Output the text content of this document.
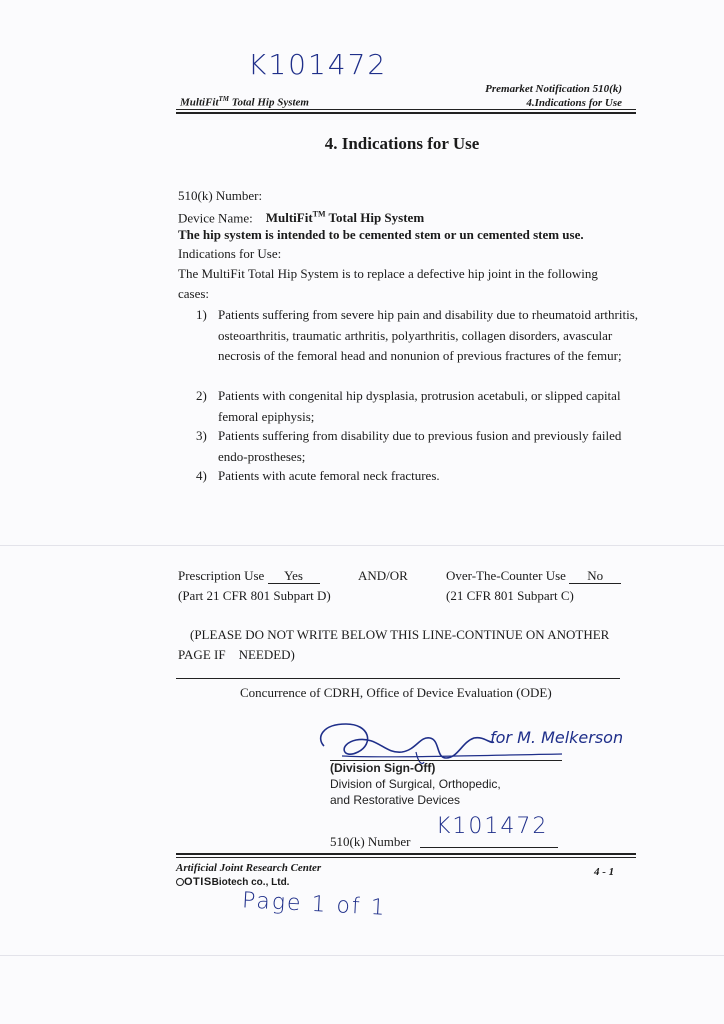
K101472
MultiFit™ Total Hip System
Premarket Notification 510(k)
4.Indications for Use
4. Indications for Use
510(k) Number:
Device Name: MultiFit™ Total Hip System
The hip system is intended to be cemented stem or un cemented stem use.
Indications for Use:
The MultiFit Total Hip System is to replace a defective hip joint in the following
cases:
1) Patients suffering from severe hip pain and disability due to rheumatoid arthritis, osteoarthritis, traumatic arthritis, polyarthritis, collagen disorders, avascular necrosis of the femoral head and nonunion of previous fractures of the femur;
2) Patients with congenital hip dysplasia, protrusion acetabuli, or slipped capital femoral epiphysis;
3) Patients suffering from disability due to previous fusion and previously failed endo-prostheses;
4) Patients with acute femoral neck fractures.
Prescription Use Yes	AND/OR	Over-The-Counter Use No
(Part 21 CFR 801 Subpart D)	(21 CFR 801 Subpart C)
(PLEASE DO NOT WRITE BELOW THIS LINE-CONTINUE ON ANOTHER
PAGE IF    NEEDED)
Concurrence of CDRH, Office of Device Evaluation (ODE)
for M. Melkerson
(Division Sign-Off)
Division of Surgical, Orthopedic,
and Restorative Devices
510(k) Number
K101472
Artificial Joint Research Center
OTISBiotech co., Ltd.
4 - 1
Page 1 of 1
